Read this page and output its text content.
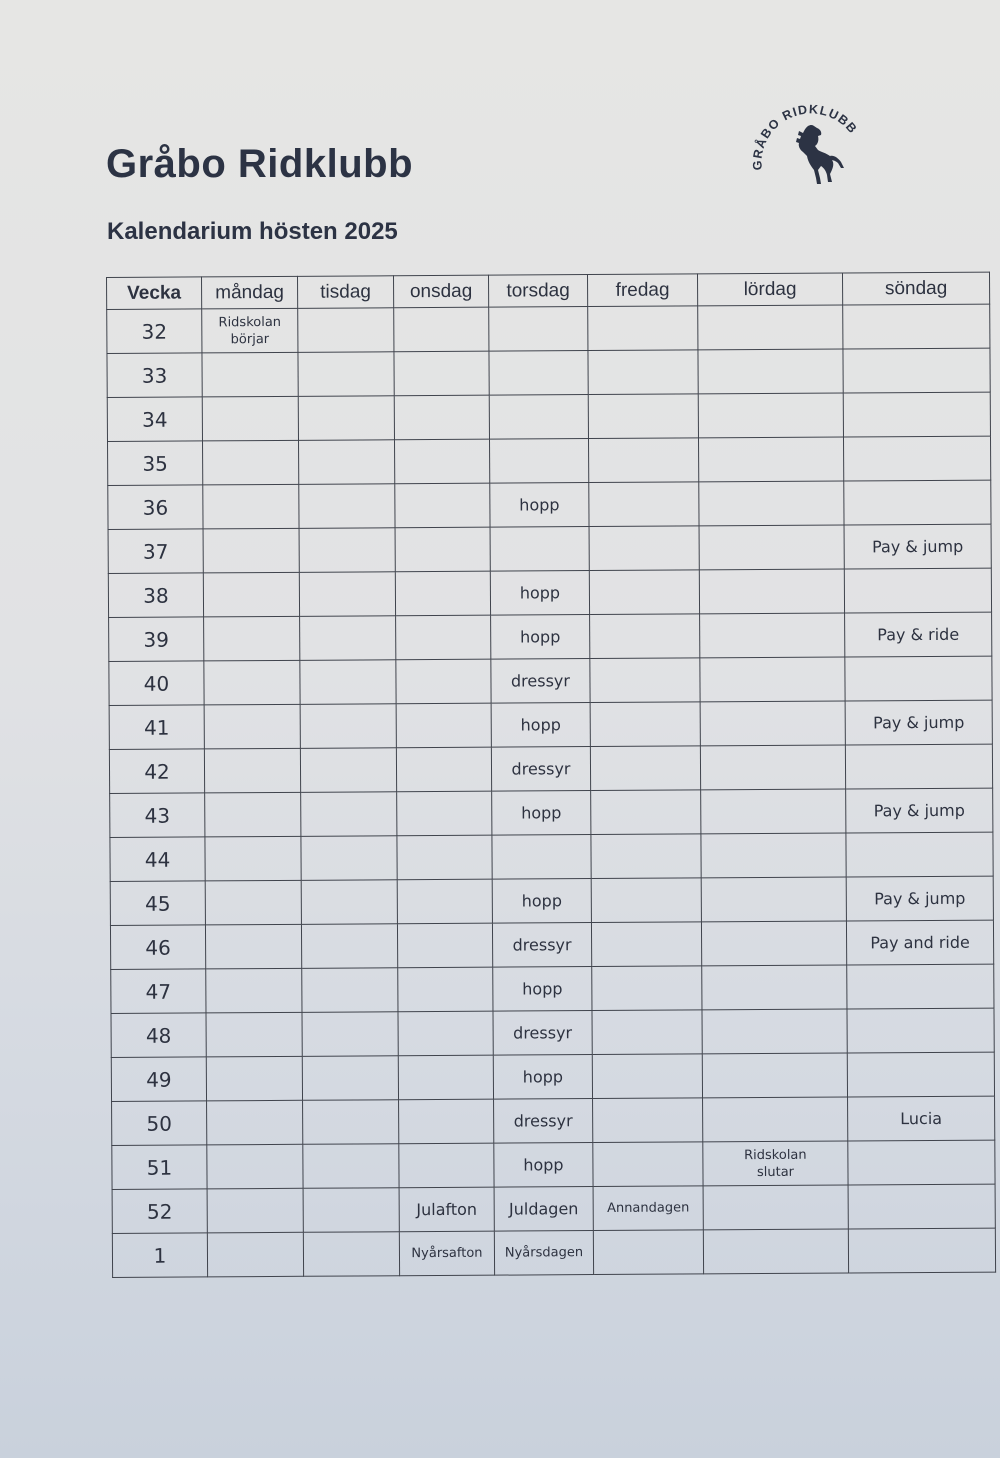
Gråbo Ridklubb
Kalendarium hösten 2025
GRÅBO RIDKLUBB
Vecka	måndag	tisdag	onsdag	torsdag	fredag	lördag	söndag
32	Ridskolan
börjar						
33							
34							
35							
36				hopp			
37							Pay & jump
38				hopp			
39				hopp			Pay & ride
40				dressyr			
41				hopp			Pay & jump
42				dressyr			
43				hopp			Pay & jump
44							
45				hopp			Pay & jump
46				dressyr			Pay and ride
47				hopp			
48				dressyr			
49				hopp			
50				dressyr			Lucia
51				hopp		Ridskolan
slutar	
52			Julafton	Juldagen	Annandagen		
1			Nyårsafton	Nyårsdagen			
